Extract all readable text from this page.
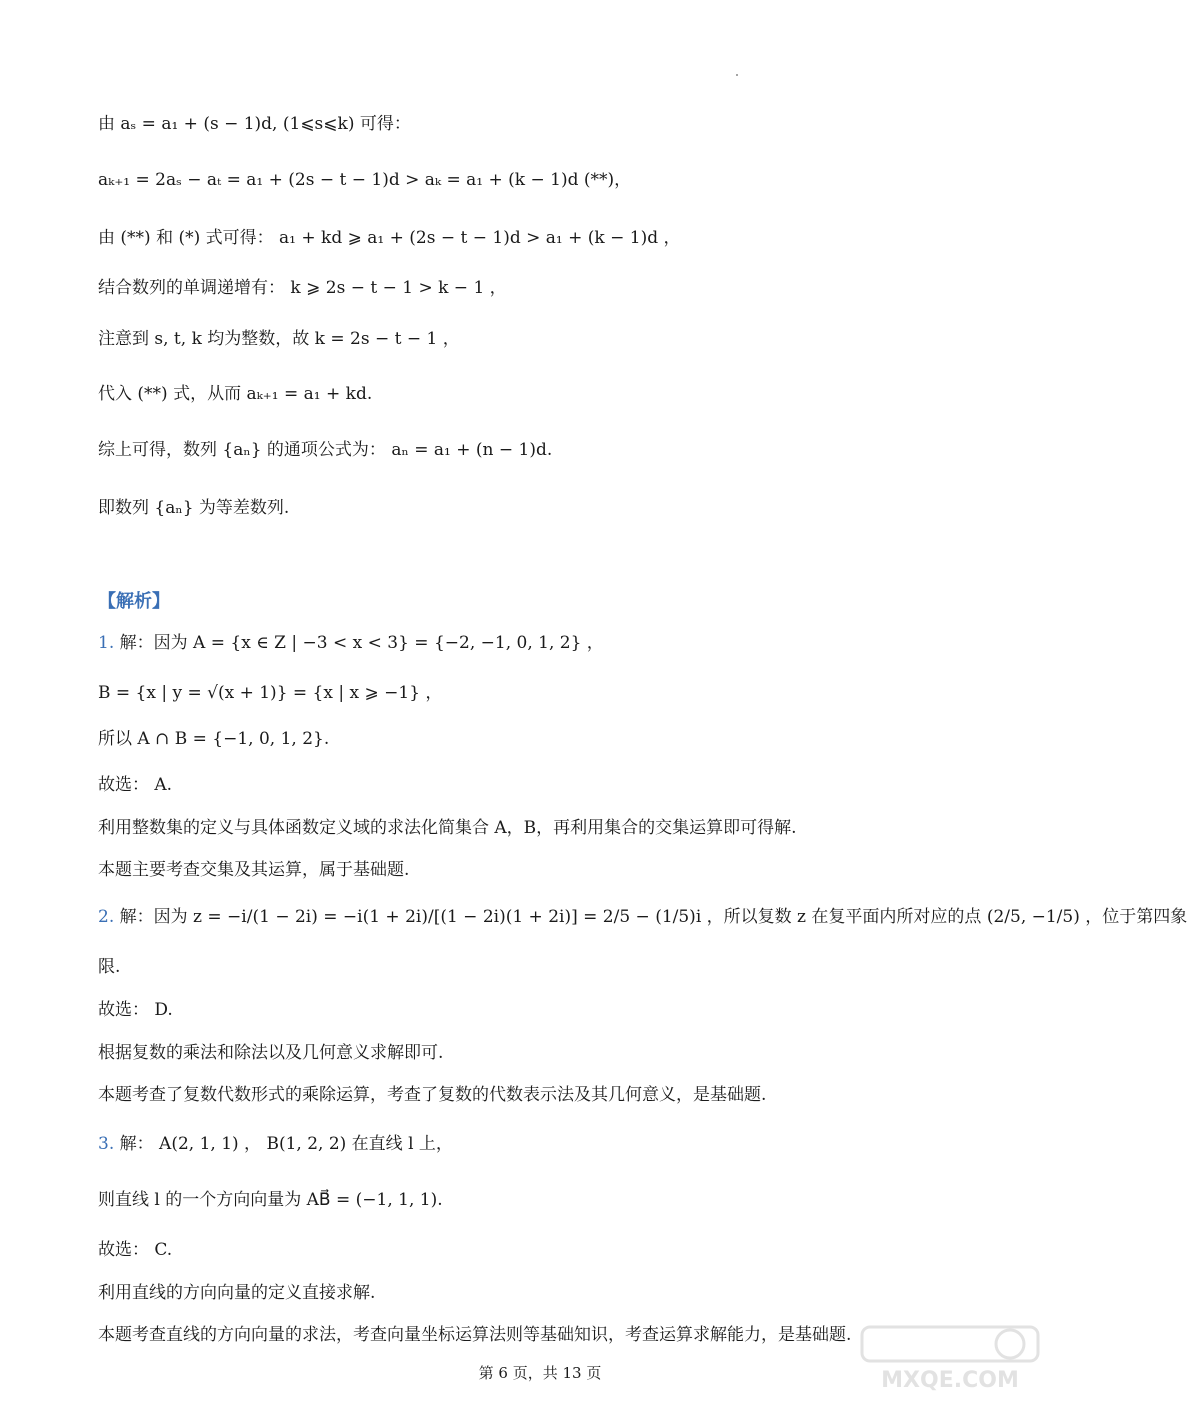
由 aₛ = a₁ + (s − 1)d, (1⩽s⩽k) 可得：
aₖ₊₁ = 2aₛ − aₜ = a₁ + (2s − t − 1)d > aₖ = a₁ + (k − 1)d (**)，
由 (**) 和 (*) 式可得： a₁ + kd ⩾ a₁ + (2s − t − 1)d > a₁ + (k − 1)d ，
结合数列的单调递增有： k ⩾ 2s − t − 1 > k − 1 ，
注意到 s, t, k 均为整数，故 k = 2s − t − 1 ，
代入 (**) 式，从而 aₖ₊₁ = a₁ + kd.
综上可得，数列 {aₙ} 的通项公式为： aₙ = a₁ + (n − 1)d.
即数列 {aₙ} 为等差数列.
【解析】
1. 解：因为 A = {x ∈ Z | −3 < x < 3} = {−2, −1, 0, 1, 2} ，
B = {x | y = √(x + 1)} = {x | x ⩾ −1} ，
所以 A ∩ B = {−1, 0, 1, 2}.
故选： A.
利用整数集的定义与具体函数定义域的求法化简集合 A，B，再利用集合的交集运算即可得解.
本题主要考查交集及其运算，属于基础题.
2. 解：因为 z = −i/(1 − 2i) = −i(1 + 2i)/[(1 − 2i)(1 + 2i)] = 2/5 − (1/5)i ，所以复数 z 在复平面内所对应的点 (2/5, −1/5) ，位于第四象
限.
故选： D.
根据复数的乘法和除法以及几何意义求解即可.
本题考查了复数代数形式的乘除运算，考查了复数的代数表示法及其几何意义，是基础题.
3. 解： A(2, 1, 1) ， B(1, 2, 2) 在直线 l 上，
则直线 l 的一个方向向量为 AB⃗ = (−1, 1, 1).
故选： C.
利用直线的方向向量的定义直接求解.
本题考查直线的方向向量的求法，考查向量坐标运算法则等基础知识，考查运算求解能力，是基础题.
第 6 页，共 13 页	MXQE.COM
